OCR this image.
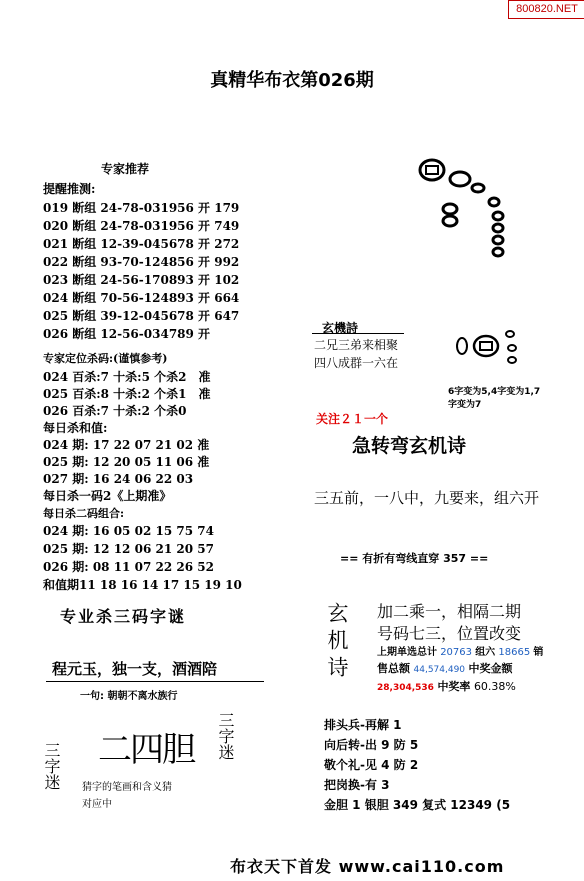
800820.NET
真精华布衣第026期
专家推荐
提醒推测:
019 断组 24-78-031956 开 179
020 断组 24-78-031956 开 749
021 断组 12-39-045678 开 272
022 断组 93-70-124856 开 992
023 断组 24-56-170893 开 102
024 断组 70-56-124893 开 664
025 断组 39-12-045678 开 647
026 断组 12-56-034789 开
专家定位杀码:(谨慎参考)
024 百杀:7 十杀:5 个杀2　准
025 百杀:8 十杀:2 个杀1　准
026 百杀:7 十杀:2 个杀0
每日杀和值:
024 期: 17 22 07 21 02 准
025 期: 12 20 05 11 06 准
027 期: 16 24 06 22 03
每日杀一码2《上期准》
每日杀二码组合:
024 期: 16 05 02 15 75 74
025 期: 12 12 06 21 20 57
026 期: 08 11 07 22 26 52
和值期11 18 16 14 17 15 19 10
专业杀三码字谜
程元玉，独一支，酒酒陪
一句: 朝朝不离水族行
三字迷
三字迷
二四胆
猜字的笔画和含义猜
对应中
玄機詩
二兄三弟来相聚
四八成群一六在
6字变为5,4字变为1,7字变为7
关注２１一个
急转弯玄机诗
三五前，一八中，九要来，组六开
== 有折有弯线直穿 357 ==
玄机诗 加二乘一，相隔二期
号码七三，位置改变
上期单选总计 20763 组六 18665 销
售总额 44,574,490 中奖金额
28,304,536 中奖率 60.38%
排头兵-再解 1
向后转-出 9 防 5
敬个礼-见 4 防 2
把岗换-有 3
金胆 1 银胆 349 复式 12349 (5
布衣天下首发 www.cai110.com
